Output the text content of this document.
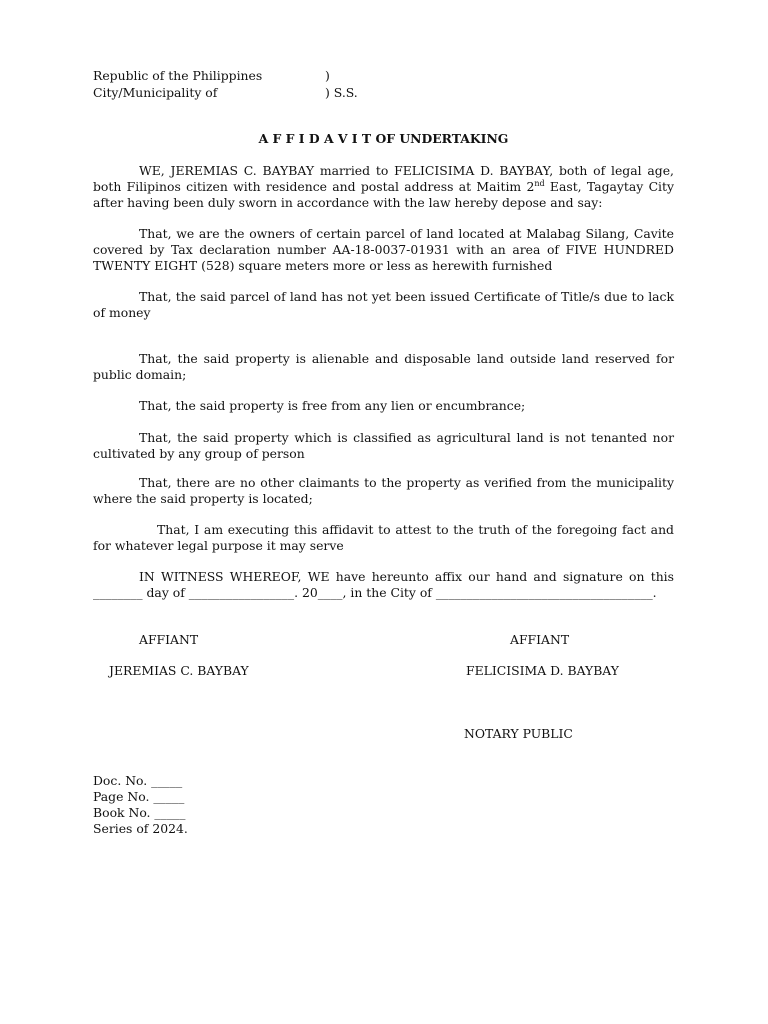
Republic of the Philippines	)
City/Municipality of	) S.S.
A F F I D A V I T OF UNDERTAKING
WE, JEREMIAS C. BAYBAY married to FELICISIMA D. BAYBAY, both of legal age, both Filipinos citizen with residence and postal address at Maitim 2nd East, Tagaytay City after having been duly sworn in accordance with the law hereby depose and say:
That, we are the owners of certain parcel of land located at Malabag Silang, Cavite covered by Tax declaration number AA-18-0037-01931 with an area of FIVE HUNDRED TWENTY EIGHT (528) square meters more or less as herewith furnished
That, the said parcel of land has not yet been issued Certificate of Title/s due to lack of money
That, the said property is alienable and disposable land outside land reserved for public domain;
That, the said property is free from any lien or encumbrance;
That, the said property which is classified as agricultural land is not tenanted nor cultivated by any group of person
That, there are no other claimants to the property as verified from the municipality where the said property is located;
That, I am executing this affidavit to attest to the truth of the foregoing fact and for whatever legal purpose it may serve
IN WITNESS WHEREOF, WE have hereunto affix our hand and signature on this ________ day of _________________. 20____, in the City of ___________________________________.
AFFIANT	AFFIANT
JEREMIAS C. BAYBAY	FELICISIMA D. BAYBAY
NOTARY PUBLIC
Doc. No. _____
Page No. _____
Book No. _____
Series of 2024.
